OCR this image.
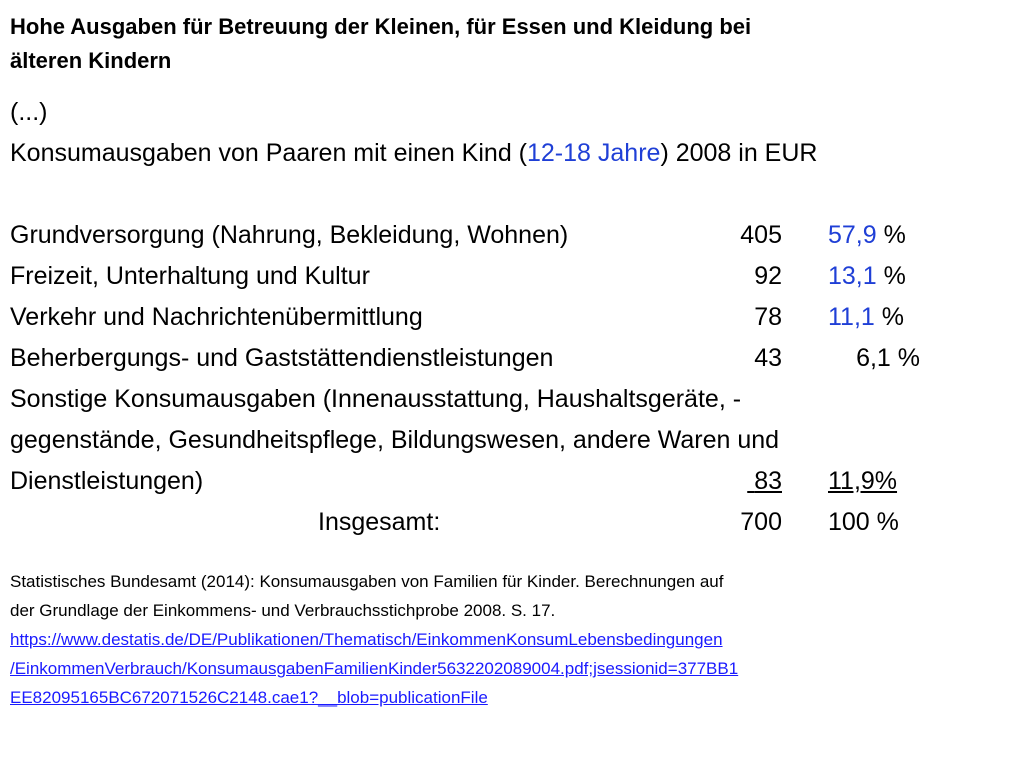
Hohe Ausgaben für Betreuung der Kleinen, für Essen und Kleidung bei
älteren Kindern
(...)
Konsumausgaben von Paaren mit einen Kind (12-18 Jahre) 2008 in EUR
Grundversorgung (Nahrung, Bekleidung, Wohnen)	405 57,9 %
Freizeit, Unterhaltung und Kultur	92 13,1 %
Verkehr und Nachrichtenübermittlung	78 11,1 %
Beherbergungs- und Gaststättendienstleistungen	43	6,1 %
Sonstige Konsumausgaben (Innenausstattung, Haushaltsgeräte, -
gegenstände, Gesundheitspflege, Bildungswesen, andere Waren und
Dienstleistungen)	83 11,9%
Insgesamt:	700 100 %
Statistisches Bundesamt (2014): Konsumausgaben von Familien für Kinder. Berechnungen auf
der Grundlage der Einkommens- und Verbrauchsstichprobe 2008. S. 17.
https://www.destatis.de/DE/Publikationen/Thematisch/EinkommenKonsumLebensbedingungen
/EinkommenVerbrauch/KonsumausgabenFamilienKinder5632202089004.pdf;jsessionid=377BB1
EE82095165BC672071526C2148.cae1?__blob=publicationFile
